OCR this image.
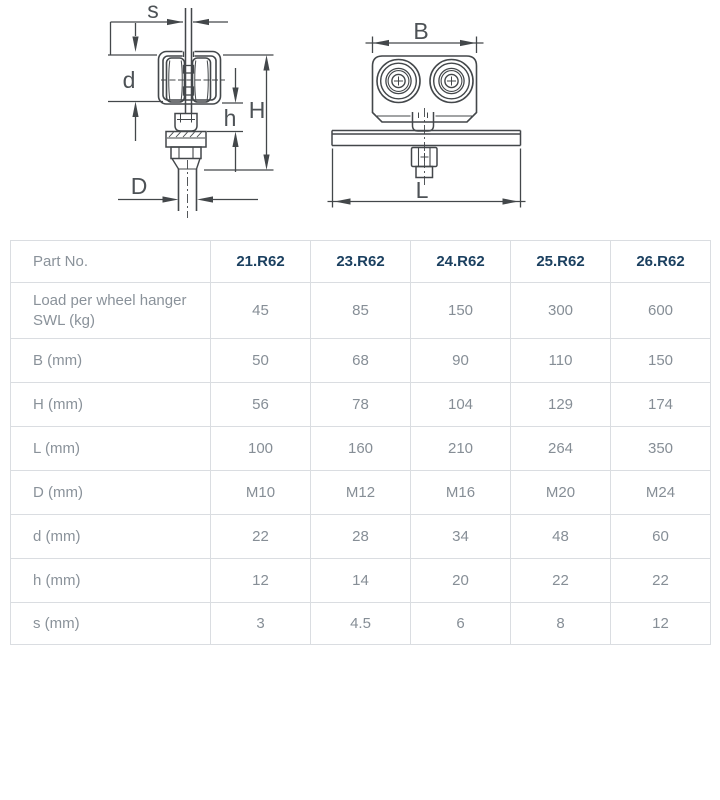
s
d
H
h
D
B
L
Part No.	21.R62	23.R62	24.R62	25.R62	26.R62
Load per wheel hanger SWL (kg)	45	85	150	300	600
B (mm)	50	68	90	110	150
H (mm)	56	78	104	129	174
L (mm)	100	160	210	264	350
D (mm)	M10	M12	M16	M20	M24
d (mm)	22	28	34	48	60
h (mm)	12	14	20	22	22
s (mm)	3	4.5	6	8	12
